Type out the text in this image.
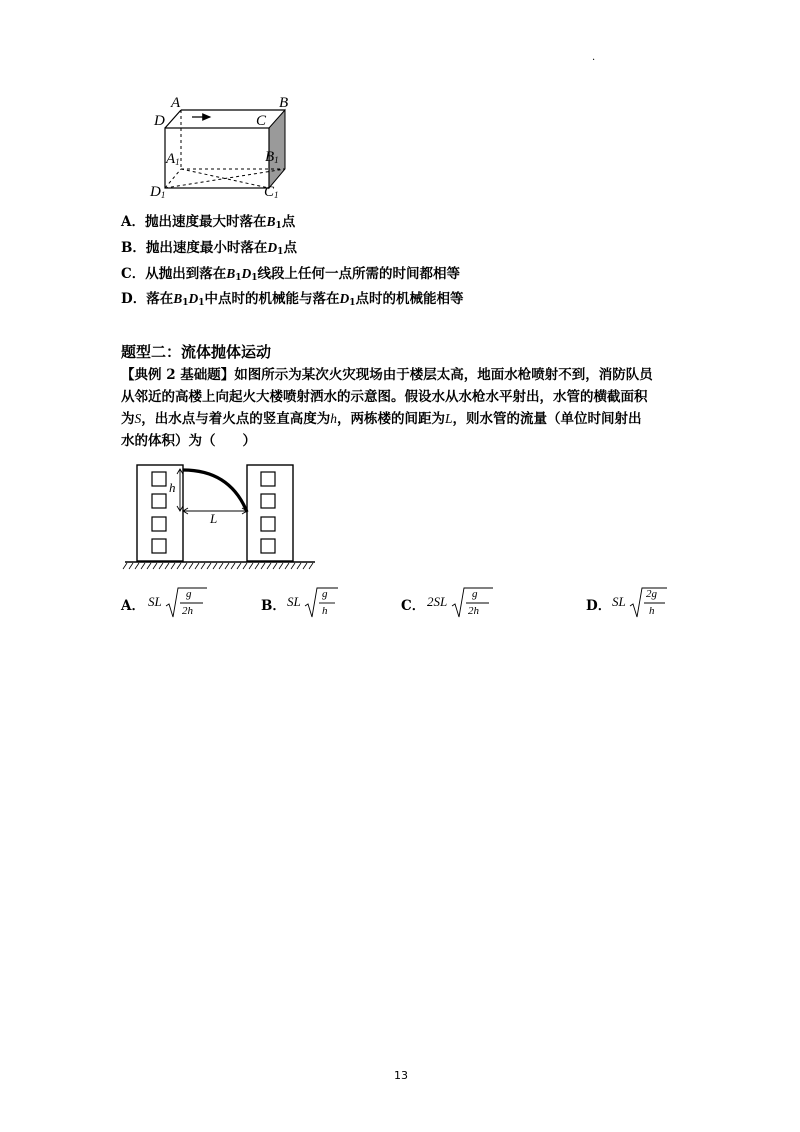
.
A	B
D	C
$A_1$	$B_1$
$D_1$	$C_1$
A．抛出速度最大时落在$B_1$点
B．抛出速度最小时落在$D_1$点
C．从抛出到落在$B_1D_1$线段上任何一点所需的时间都相等
D．落在$B_1D_1$中点时的机械能与落在$D_1$点时的机械能相等
题型二：流体抛体运动
【典例 2 基础题】如图所示为某次火灾现场由于楼层太高，地面水枪喷射不到，消防队员
从邻近的高楼上向起火大楼喷射洒水的示意图。假设水从水枪水平射出，水管的横截面积
为S，出水点与着火点的竖直高度为h，两栋楼的间距为L，则水管的流量（单位时间射出
水的体积）为（　　）
h
L
A． SL g
2h	B． SL g
h	C． 2SL g
2h	D． SL 2g
h
13
